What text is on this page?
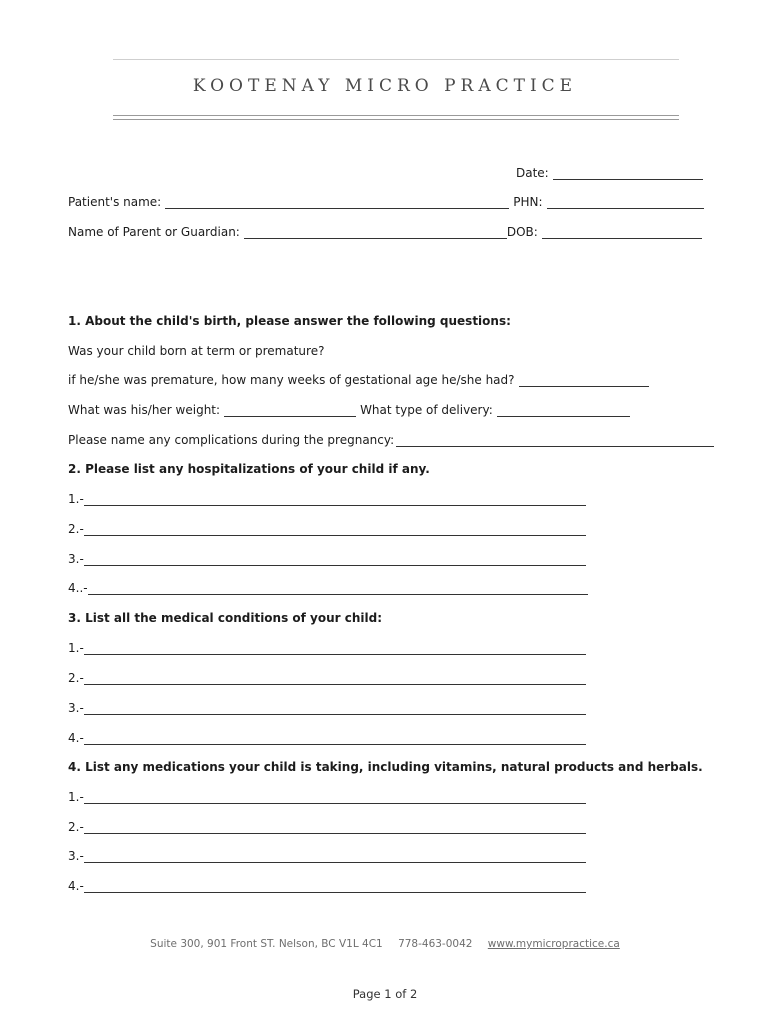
KOOTENAY MICRO PRACTICE
Date:
Patient's name:	PHN:
Name of Parent or Guardian:	DOB:
1. About the child's birth, please answer the following questions:
Was your child born at term or premature?
if he/she was premature, how many weeks of gestational age he/she had?
What was his/her weight:	What type of delivery:
Please name any complications during the pregnancy:
2. Please list any hospitalizations of your child if any.
1.-
2.-
3.-
4..-
3. List all the medical conditions of your child:
1.-
2.-
3.-
4.-
4. List any medications your child is taking, including vitamins, natural products and herbals.
1.-
2.-
3.-
4.-
Suite 300, 901 Front ST. Nelson, BC V1L 4C1 778-463-0042 www.mymicropractice.ca
Page 1 of 2
